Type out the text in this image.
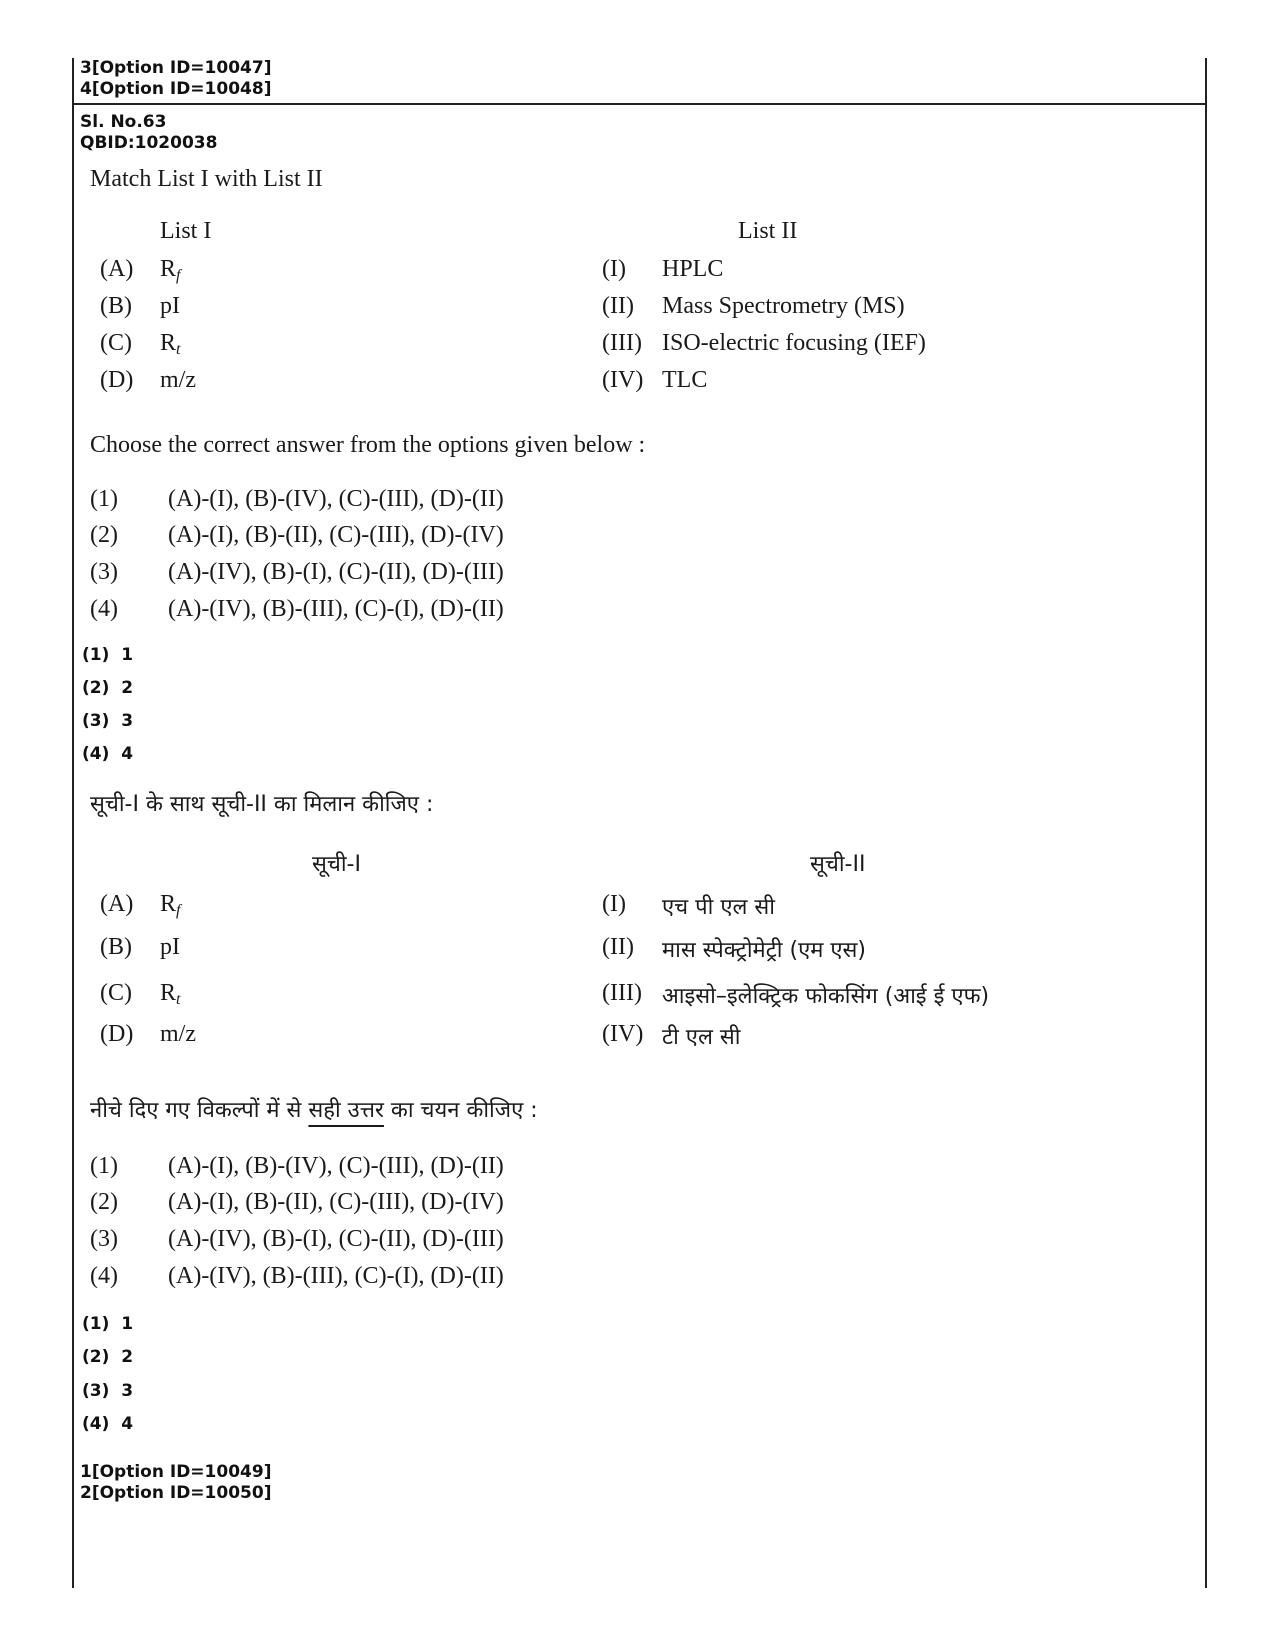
3[Option ID=10047]
4[Option ID=10048]
Sl. No.63
QBID:1020038
Match List I with List II
List I	List II
(A) $R_f$
(B) pI
(C) $R_t$
(D) m/z
(I) HPLC
(II) Mass Spectrometry (MS)
(III) ISO-electric focusing (IEF)
(IV) TLC
Choose the correct answer from the options given below :
(1) (A)-(I), (B)-(IV), (C)-(III), (D)-(II)
(2) (A)-(I), (B)-(II), (C)-(III), (D)-(IV)
(3) (A)-(IV), (B)-(I), (C)-(II), (D)-(III)
(4) (A)-(IV), (B)-(III), (C)-(I), (D)-(II)
(1)  1
(2)  2
(3)  3
(4)  4
सूची-I के साथ सूची-II का मिलान कीजिए :
सूची-I	सूची-II
(A) $R_f$
(B) pI
(C) $R_t$
(D) m/z
(I) एच पी एल सी
(II) मास स्पेक्ट्रोमेट्री (एम एस)
(III) आइसो–इलेक्ट्रिक फोकसिंग (आई ई एफ)
(IV) टी एल सी
नीचे दिए गए विकल्पों में से सही उत्तर का चयन कीजिए :
(1) (A)-(I), (B)-(IV), (C)-(III), (D)-(II)
(2) (A)-(I), (B)-(II), (C)-(III), (D)-(IV)
(3) (A)-(IV), (B)-(I), (C)-(II), (D)-(III)
(4) (A)-(IV), (B)-(III), (C)-(I), (D)-(II)
(1)  1
(2)  2
(3)  3
(4)  4
1[Option ID=10049]
2[Option ID=10050]
